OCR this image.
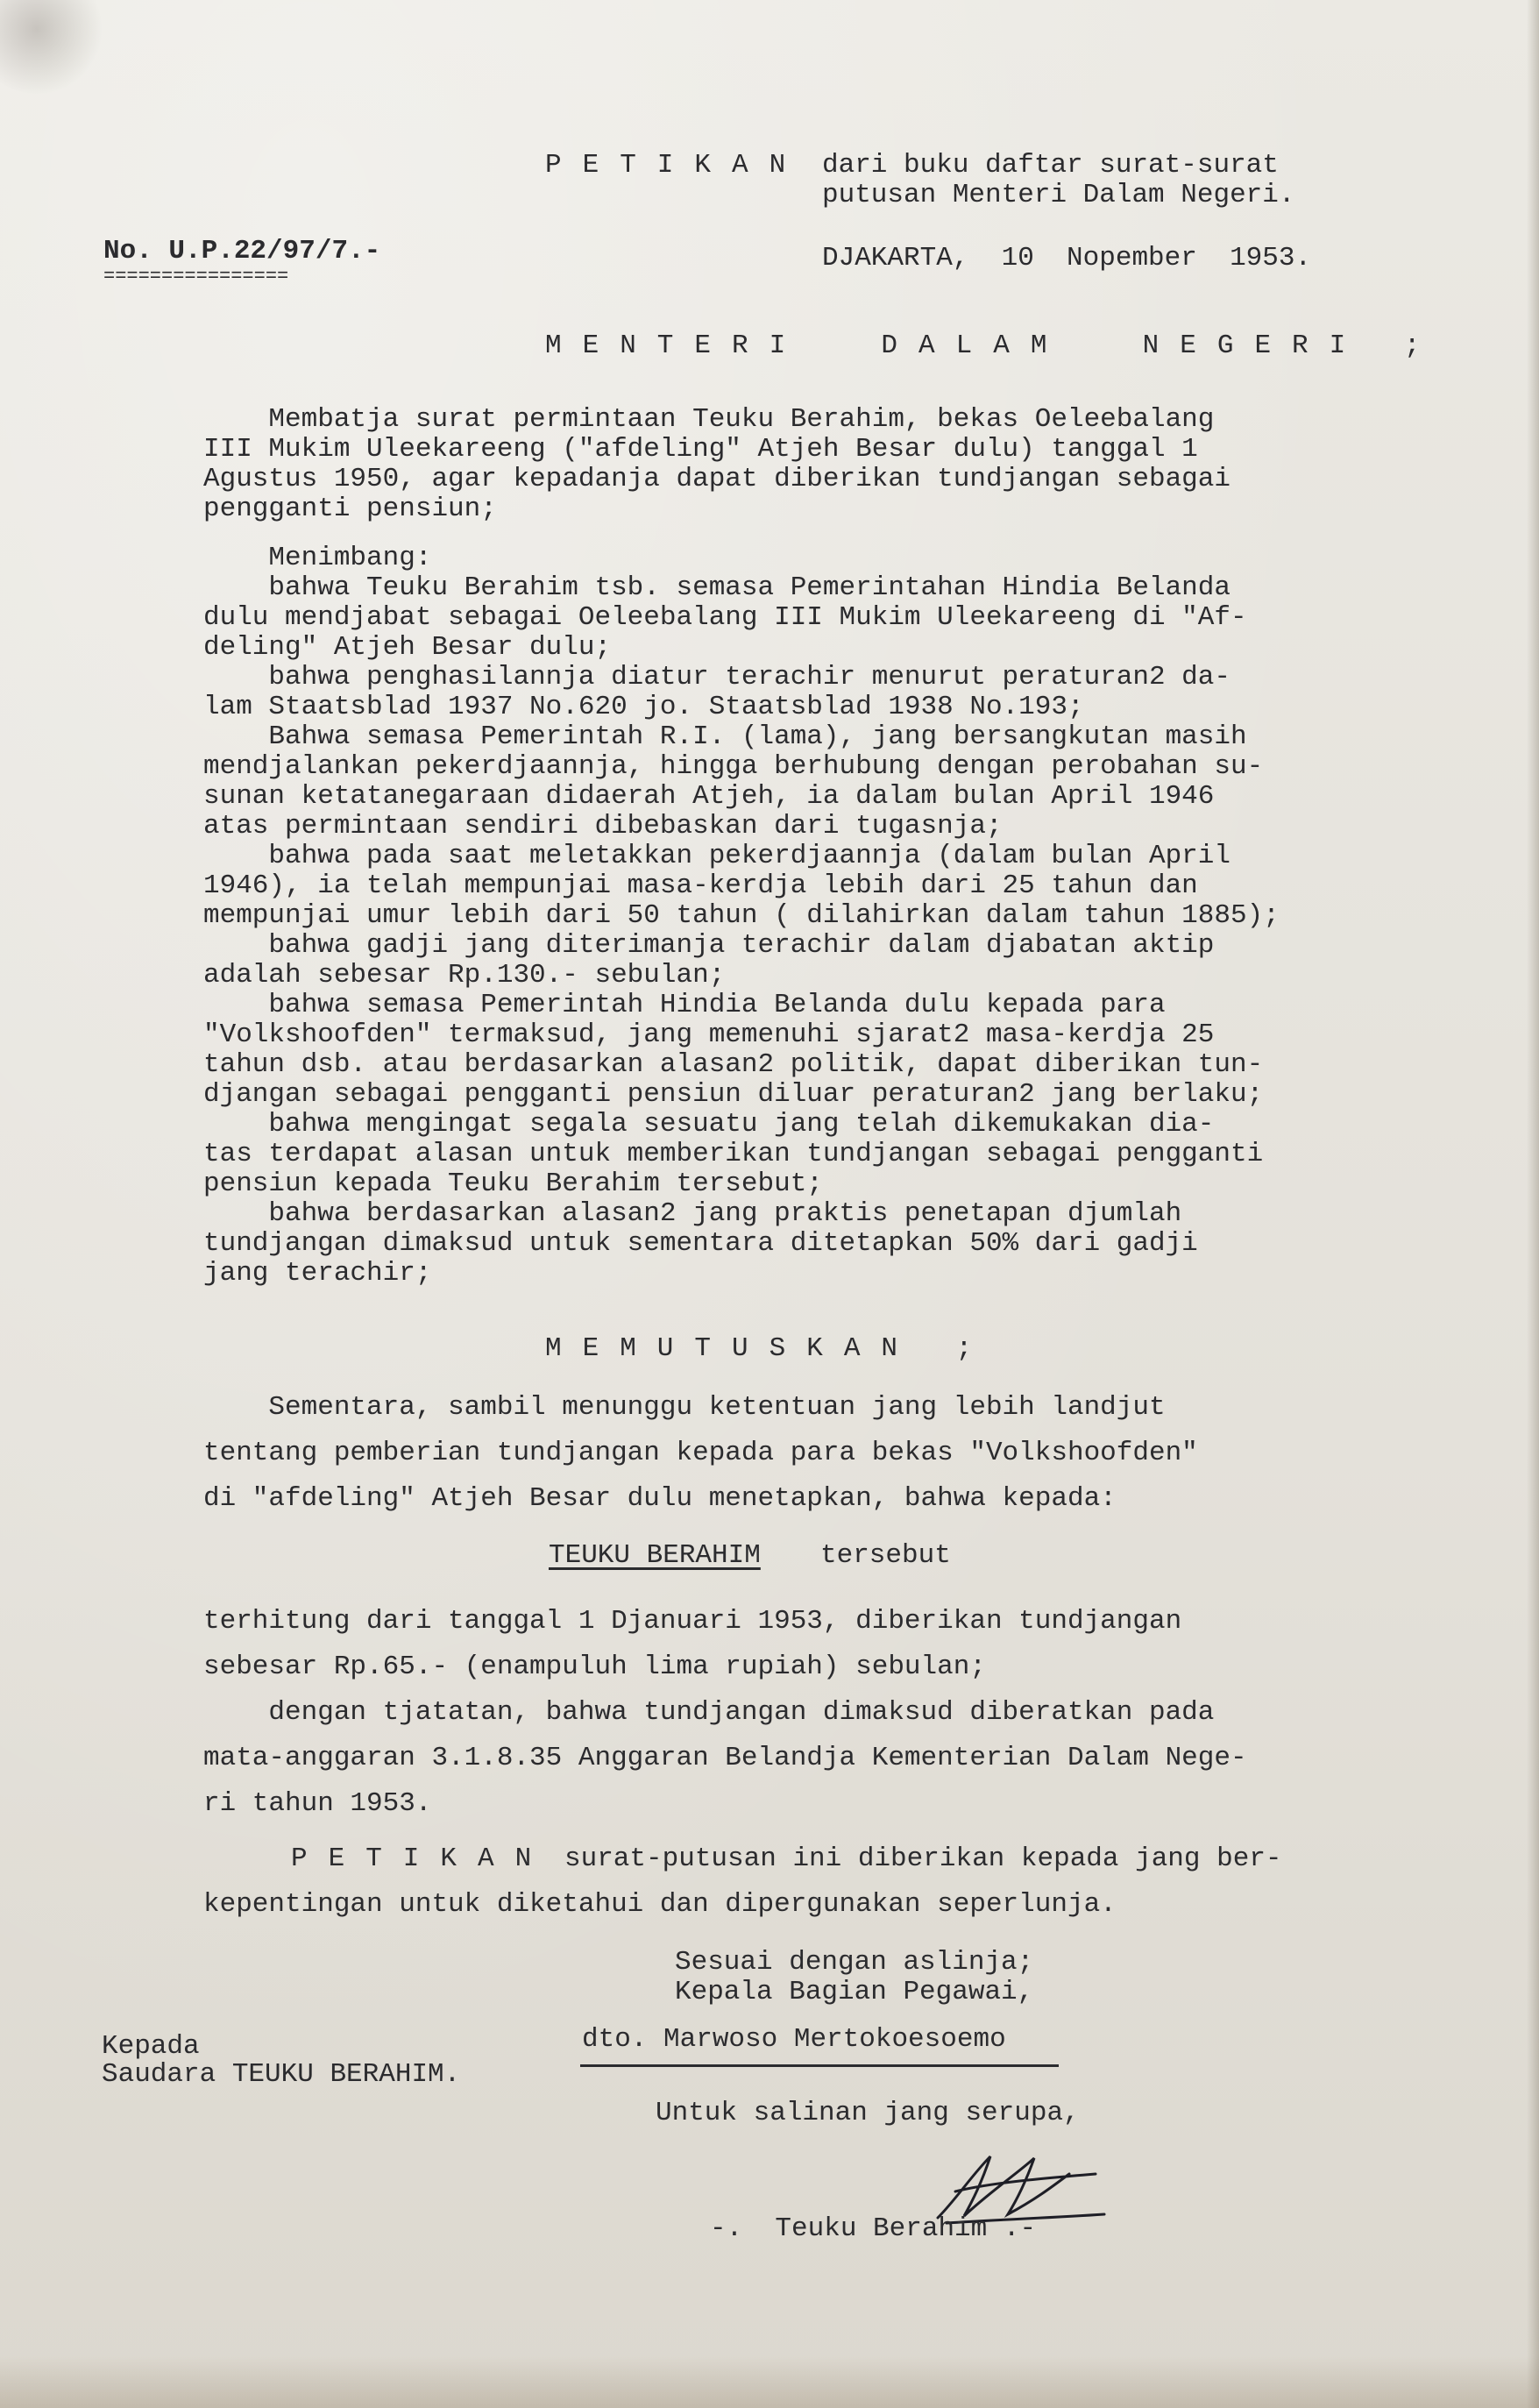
PETIKAN dari buku daftar surat-surat
putusan Menteri Dalam Negeri.
No. U.P.22/97/7.-
================
DJAKARTA,  10  Nopember  1953.
MENTERI  DALAM  NEGERI ;

Membatja surat permintaan Teuku Berahim, bekas Oeleebalang

III Mukim Uleekareeng ("afdeling" Atjeh Besar dulu) tanggal 1

Agustus 1950, agar kepadanja dapat diberikan tundjangan sebagai

pengganti pensiun;

Menimbang:

bahwa Teuku Berahim tsb. semasa Pemerintahan Hindia Belanda

dulu mendjabat sebagai Oeleebalang III Mukim Uleekareeng di "Af-

deling" Atjeh Besar dulu;

bahwa penghasilannja diatur terachir menurut peraturan2 da-

lam Staatsblad 1937 No.620 jo. Staatsblad 1938 No.193;

Bahwa semasa Pemerintah R.I. (lama), jang bersangkutan masih

mendjalankan pekerdjaannja, hingga berhubung dengan perobahan su-

sunan ketatanegaraan didaerah Atjeh, ia dalam bulan April 1946

atas permintaan sendiri dibebaskan dari tugasnja;

bahwa pada saat meletakkan pekerdjaannja (dalam bulan April

1946), ia telah mempunjai masa-kerdja lebih dari 25 tahun dan

mempunjai umur lebih dari 50 tahun ( dilahirkan dalam tahun 1885);

bahwa gadji jang diterimanja terachir dalam djabatan aktip

adalah sebesar Rp.130.- sebulan;

bahwa semasa Pemerintah Hindia Belanda dulu kepada para

"Volkshoofden" termaksud, jang memenuhi sjarat2 masa-kerdja 25

tahun dsb. atau berdasarkan alasan2 politik, dapat diberikan tun-

djangan sebagai pengganti pensiun diluar peraturan2 jang berlaku;

bahwa mengingat segala sesuatu jang telah dikemukakan dia-

tas terdapat alasan untuk memberikan tundjangan sebagai pengganti

pensiun kepada Teuku Berahim tersebut;

bahwa berdasarkan alasan2 jang praktis penetapan djumlah

tundjangan dimaksud untuk sementara ditetapkan 50% dari gadji

jang terachir;

MEMUTUSKAN ;

Sementara, sambil menunggu ketentuan jang lebih landjut

tentang pemberian tundjangan kepada para bekas "Volkshoofden"

di "afdeling" Atjeh Besar dulu menetapkan, bahwa kepada:

TEUKU BERAHIM tersebut

terhitung dari tanggal 1 Djanuari 1953, diberikan tundjangan

sebesar Rp.65.- (enampuluh lima rupiah) sebulan;

dengan tjatatan, bahwa tundjangan dimaksud diberatkan pada

mata-anggaran 3.1.8.35 Anggaran Belandja Kementerian Dalam Nege-

ri tahun 1953.

PETIKAN surat-putusan ini diberikan kepada jang ber-
kepentingan untuk diketahui dan dipergunakan seperlunja.
Sesuai dengan aslinja;
Kepala Bagian Pegawai,
dto. Marwoso Mertokoesoemo
Kepada
Saudara TEUKU BERAHIM.
Untuk salinan jang serupa,
-.  Teuku Berahim .-
